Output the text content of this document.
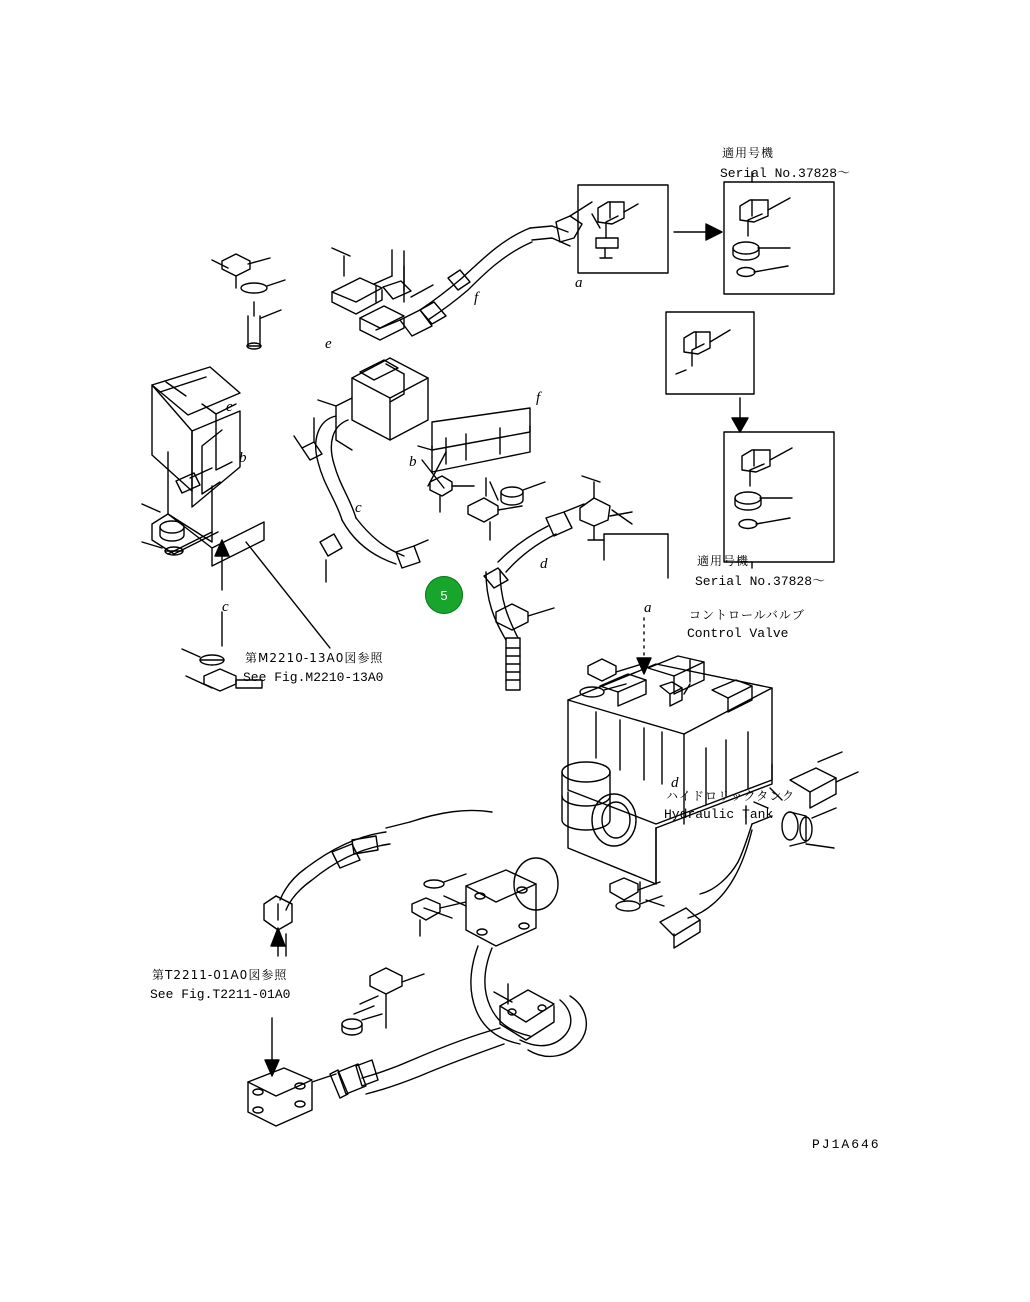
適用号機
Serial No.37828～
適用号機
Serial No.37828～
コントロールバルブ
Control Valve
ハイドロリックタンク
Hydraulic Tank
第M2210-13A0図参照
See Fig.M2210-13A0
第T2211-01A0図参照
See Fig.T2211-01A0
PJ1A646
a
f
e
f
e
b	b
c
d
c	a
d
5
